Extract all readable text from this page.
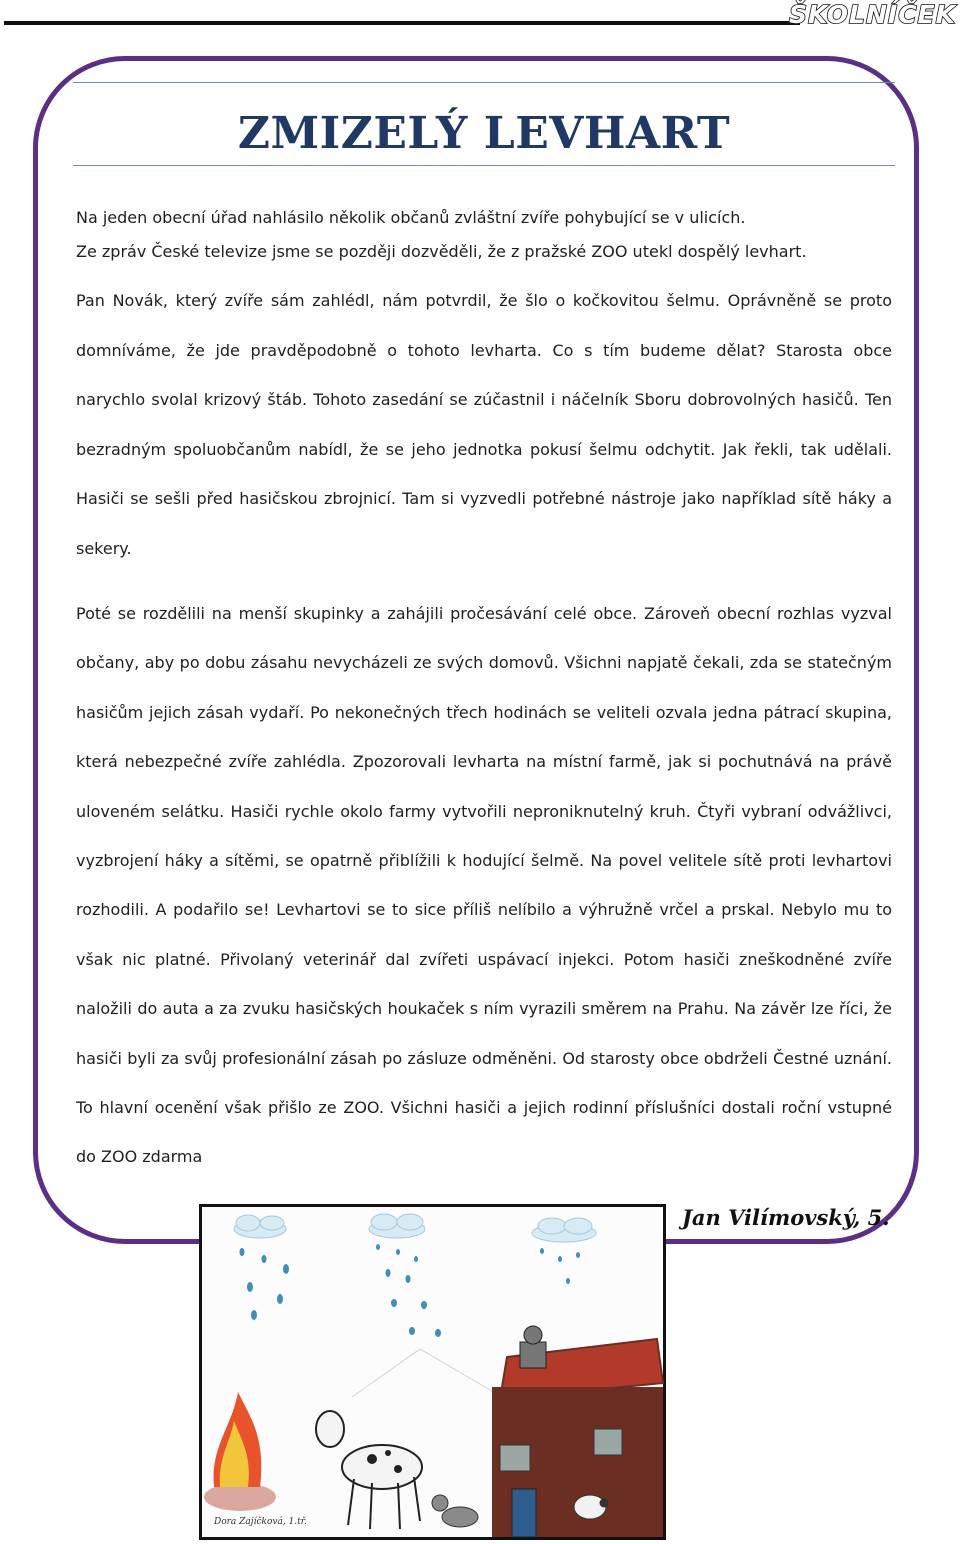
ŠKOLNÍČEK
ZMIZELÝ LEVHART

Na jeden obecní úřad nahlásilo několik občanů zvláštní zvíře pohybující se v ulicích.

Ze zpráv České televize jsme se později dozvěděli, že z pražské ZOO utekl dospělý levhart.

Pan Novák, který zvíře sám zahlédl, nám potvrdil, že šlo o kočkovitou šelmu. Oprávněně se proto domníváme, že jde pravděpodobně o tohoto levharta. Co s tím budeme dělat? Starosta obce narychlo svolal krizový štáb. Tohoto zasedání se zúčastnil i náčelník Sboru dobrovolných hasičů. Ten bezradným spoluobčanům nabídl, že se jeho jednotka pokusí šelmu odchytit. Jak řekli, tak udělali. Hasiči se sešli před hasičskou zbrojnicí. Tam si vyzvedli potřebné nástroje jako například sítě háky a sekery.

Poté se rozdělili na menší skupinky a zahájili pročesávání celé obce. Zároveň obecní rozhlas vyzval občany, aby po dobu zásahu nevycházeli ze svých domovů. Všichni napjatě čekali, zda se statečným hasičům jejich zásah vydaří. Po nekonečných třech hodinách se veliteli ozvala jedna pátrací skupina, která nebezpečné zvíře zahlédla. Zpozorovali levharta na místní farmě, jak si pochutnává na právě uloveném selátku. Hasiči rychle okolo farmy vytvořili neproniknutelný kruh. Čtyři vybraní odvážlivci, vyzbrojení háky a sítěmi, se opatrně přiblížili k hodující šelmě. Na povel velitele sítě proti levhartovi rozhodili. A podařilo se! Levhartovi se to sice příliš nelíbilo a výhružně vrčel a prskal. Nebylo mu to však nic platné. Přivolaný veterinář dal zvířeti uspávací injekci. Potom hasiči zneškodněné zvíře naložili do auta a za zvuku hasičských houkaček s ním vyrazili směrem na Prahu. Na závěr lze říci, že hasiči byli za svůj profesionální zásah po zásluze odměněni. Od starosty obce obdrželi Čestné uznání. To hlavní ocenění však přišlo ze ZOO. Všichni hasiči a jejich rodinní příslušníci dostali roční vstupné do ZOO zdarma

Jan Vilímovský, 5.

Dora Zajíčková, 1.tř.
